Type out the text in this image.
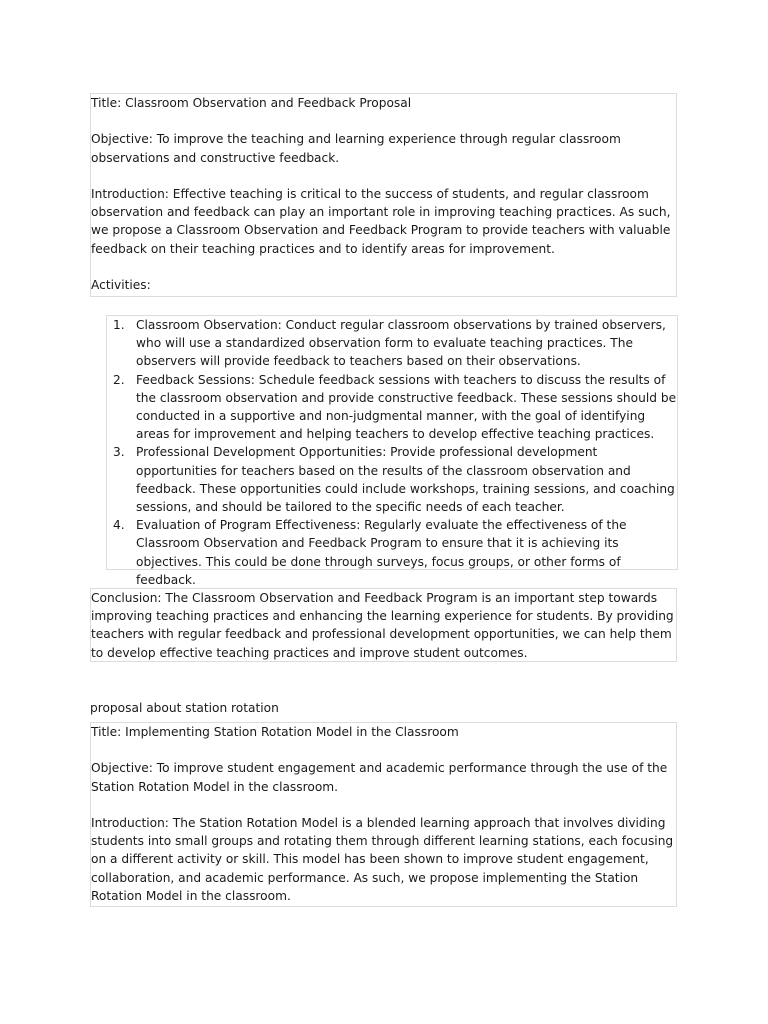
Title: Classroom Observation and Feedback Proposal

Objective: To improve the teaching and learning experience through regular classroom observations and constructive feedback.

Introduction: Effective teaching is critical to the success of students, and regular classroom observation and feedback can play an important role in improving teaching practices. As such, we propose a Classroom Observation and Feedback Program to provide teachers with valuable feedback on their teaching practices and to identify areas for improvement.

Activities:

1. Classroom Observation: Conduct regular classroom observations by trained observers, who will use a standardized observation form to evaluate teaching practices. The observers will provide feedback to teachers based on their observations.
2. Feedback Sessions: Schedule feedback sessions with teachers to discuss the results of the classroom observation and provide constructive feedback. These sessions should be conducted in a supportive and non-judgmental manner, with the goal of identifying areas for improvement and helping teachers to develop effective teaching practices.
3. Professional Development Opportunities: Provide professional development opportunities for teachers based on the results of the classroom observation and feedback. These opportunities could include workshops, training sessions, and coaching sessions, and should be tailored to the specific needs of each teacher.
4. Evaluation of Program Effectiveness: Regularly evaluate the effectiveness of the Classroom Observation and Feedback Program to ensure that it is achieving its objectives. This could be done through surveys, focus groups, or other forms of feedback.

Conclusion: The Classroom Observation and Feedback Program is an important step towards improving teaching practices and enhancing the learning experience for students. By providing teachers with regular feedback and professional development opportunities, we can help them to develop effective teaching practices and improve student outcomes.

proposal about station rotation

Title: Implementing Station Rotation Model in the Classroom

Objective: To improve student engagement and academic performance through the use of the Station Rotation Model in the classroom.

Introduction: The Station Rotation Model is a blended learning approach that involves dividing students into small groups and rotating them through different learning stations, each focusing on a different activity or skill. This model has been shown to improve student engagement, collaboration, and academic performance. As such, we propose implementing the Station Rotation Model in the classroom.
